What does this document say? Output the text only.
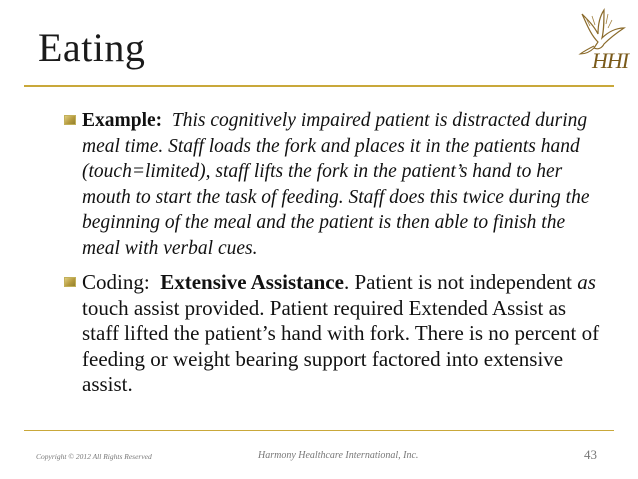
Eating	HHI
Example: This cognitively impaired patient is distracted during meal time. Staff loads the fork and places it in the patients hand (touch=limited), staff lifts the fork in the patient’s hand to her mouth to start the task of feeding. Staff does this twice during the beginning of the meal and the patient is then able to finish the meal with verbal cues.
Coding: Extensive Assistance. Patient is not independent as touch assist provided. Patient required Extended Assist as staff lifted the patient’s hand with fork. There is no percent of feeding or weight bearing support factored into extensive assist.
Copyright © 2012 All Rights Reserved	Harmony Healthcare International, Inc.	43
